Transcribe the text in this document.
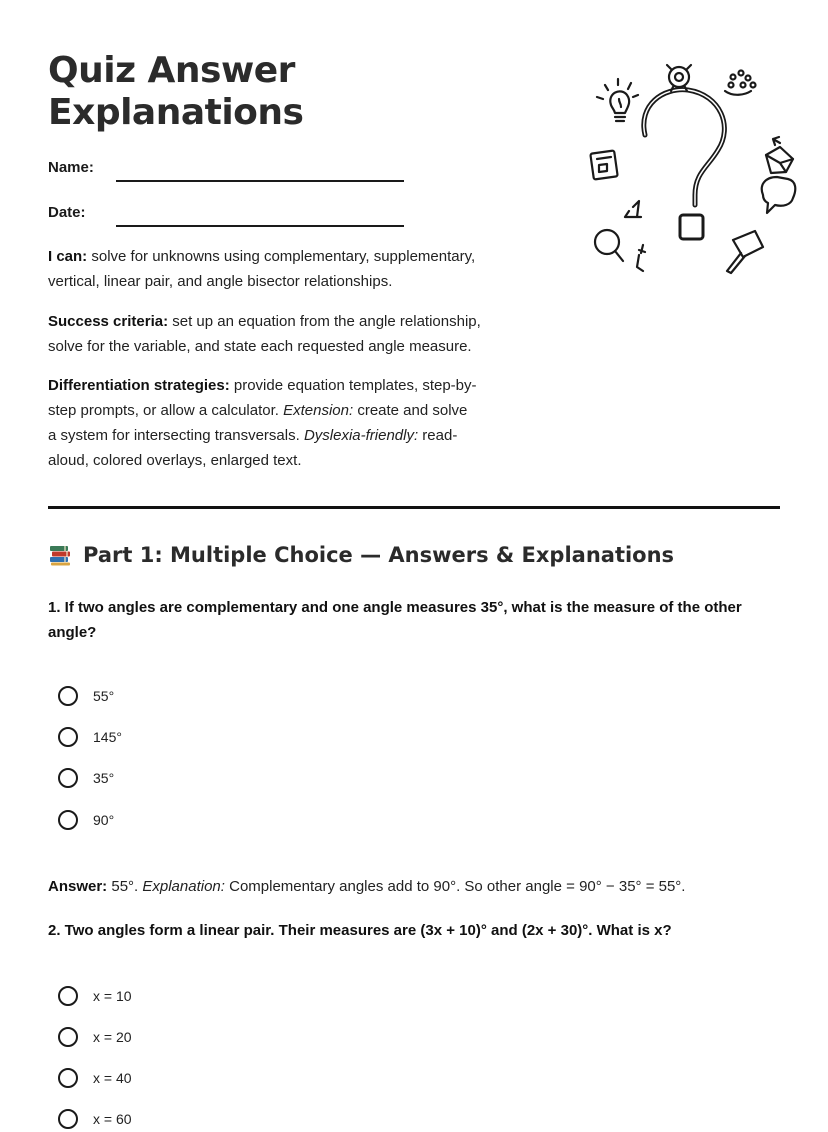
Quiz Answer
Explanations
Name:
Date:

I can: solve for unknowns using complementary, supplementary, vertical, linear pair, and angle bisector relationships.

Success criteria: set up an equation from the angle relationship, solve for the variable, and state each requested angle measure.

Differentiation strategies: provide equation templates, step-by-step prompts, or allow a calculator. Extension: create and solve a system for intersecting transversals. Dyslexia-friendly: read-aloud, colored overlays, enlarged text.

Part 1: Multiple Choice — Answers & Explanations

1. If two angles are complementary and one angle measures 35°, what is the measure of the other angle?

55°
145°
35°
90°

Answer: 55°. Explanation: Complementary angles add to 90°. So other angle = 90° − 35° = 55°.

2. Two angles form a linear pair. Their measures are (3x + 10)° and (2x + 30)°. What is x?

x = 10
x = 20
x = 40
x = 60
